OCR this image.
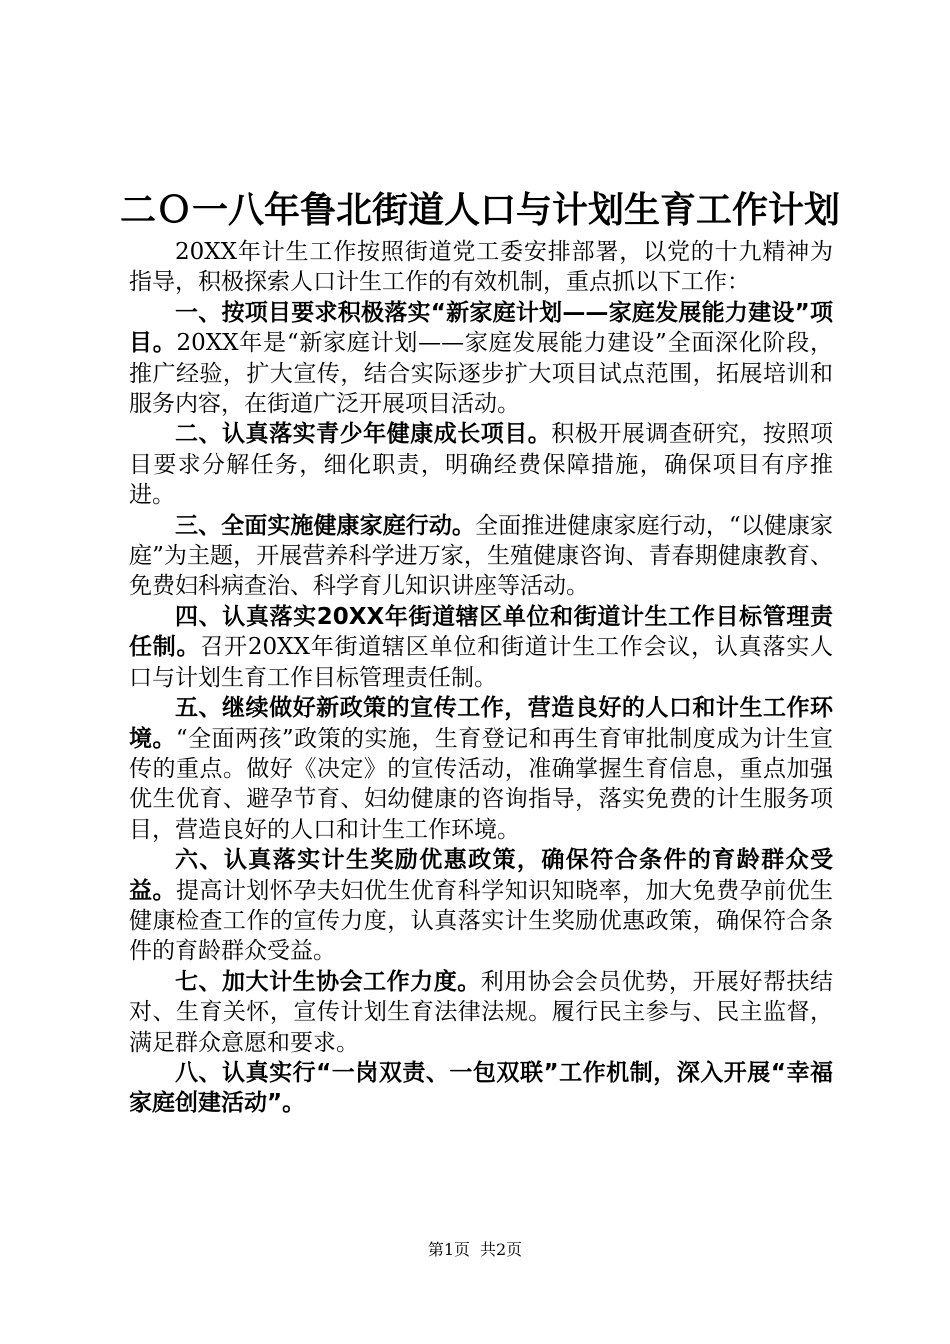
二Ｏ一八年鲁北街道人口与计划生育工作计划

20XX年计生工作按照街道党工委安排部署，以党的十九精神为指导，积极探索人口计生工作的有效机制，重点抓以下工作：

一、按项目要求积极落实“新家庭计划——家庭发展能力建设”项目。20XX年是“新家庭计划——家庭发展能力建设”全面深化阶段，推广经验，扩大宣传，结合实际逐步扩大项目试点范围，拓展培训和服务内容，在街道广泛开展项目活动。

二、认真落实青少年健康成长项目。积极开展调查研究，按照项目要求分解任务，细化职责，明确经费保障措施，确保项目有序推进。

三、全面实施健康家庭行动。全面推进健康家庭行动，“以健康家庭”为主题，开展营养科学进万家，生殖健康咨询、青春期健康教育、免费妇科病查治、科学育儿知识讲座等活动。

四、认真落实20XX年街道辖区单位和街道计生工作目标管理责任制。召开20XX年街道辖区单位和街道计生工作会议，认真落实人口与计划生育工作目标管理责任制。

五、继续做好新政策的宣传工作，营造良好的人口和计生工作环境。“全面两孩”政策的实施，生育登记和再生育审批制度成为计生宣传的重点。做好《决定》的宣传活动，准确掌握生育信息，重点加强优生优育、避孕节育、妇幼健康的咨询指导，落实免费的计生服务项目，营造良好的人口和计生工作环境。

六、认真落实计生奖励优惠政策，确保符合条件的育龄群众受益。提高计划怀孕夫妇优生优育科学知识知晓率，加大免费孕前优生健康检查工作的宣传力度，认真落实计生奖励优惠政策，确保符合条件的育龄群众受益。

七、加大计生协会工作力度。利用协会会员优势，开展好帮扶结对、生育关怀，宣传计划生育法律法规。履行民主参与、民主监督，满足群众意愿和要求。

八、认真实行“一岗双责、一包双联”工作机制，深入开展“幸福家庭创建活动”。

第1页 共2页
